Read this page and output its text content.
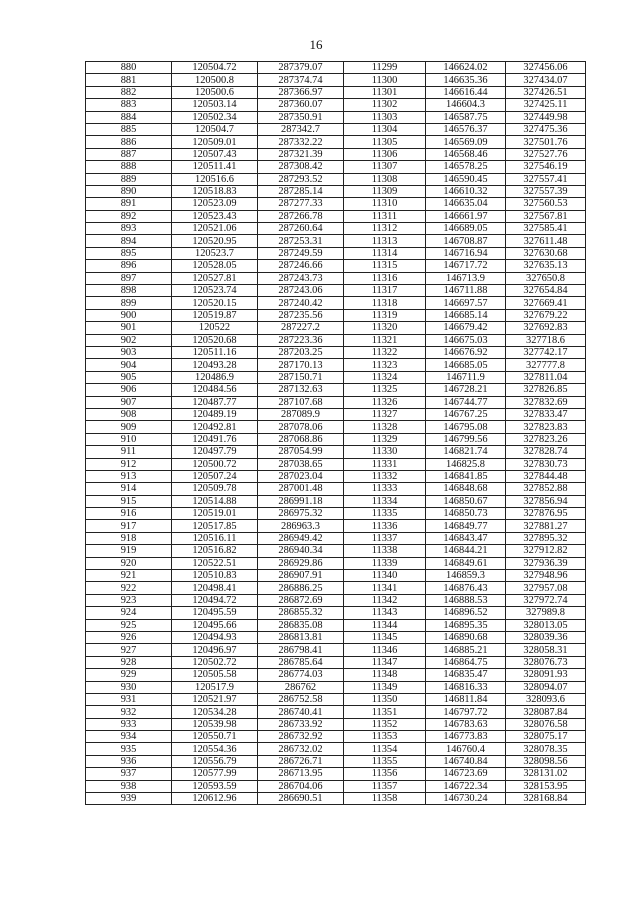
16
880	120504.72	287379.07	11299	146624.02	327456.06
881	120500.8	287374.74	11300	146635.36	327434.07
882	120500.6	287366.97	11301	146616.44	327426.51
883	120503.14	287360.07	11302	146604.3	327425.11
884	120502.34	287350.91	11303	146587.75	327449.98
885	120504.7	287342.7	11304	146576.37	327475.36
886	120509.01	287332.22	11305	146569.09	327501.76
887	120507.43	287321.39	11306	146568.46	327527.76
888	120511.41	287308.42	11307	146578.25	327546.19
889	120516.6	287293.52	11308	146590.45	327557.41
890	120518.83	287285.14	11309	146610.32	327557.39
891	120523.09	287277.33	11310	146635.04	327560.53
892	120523.43	287266.78	11311	146661.97	327567.81
893	120521.06	287260.64	11312	146689.05	327585.41
894	120520.95	287253.31	11313	146708.87	327611.48
895	120523.7	287249.59	11314	146716.94	327630.68
896	120528.05	287246.66	11315	146717.72	327635.13
897	120527.81	287243.73	11316	146713.9	327650.8
898	120523.74	287243.06	11317	146711.88	327654.84
899	120520.15	287240.42	11318	146697.57	327669.41
900	120519.87	287235.56	11319	146685.14	327679.22
901	120522	287227.2	11320	146679.42	327692.83
902	120520.68	287223.36	11321	146675.03	327718.6
903	120511.16	287203.25	11322	146676.92	327742.17
904	120493.28	287170.13	11323	146685.05	327777.8
905	120486.9	287150.71	11324	146711.9	327811.04
906	120484.56	287132.63	11325	146728.21	327826.85
907	120487.77	287107.68	11326	146744.77	327832.69
908	120489.19	287089.9	11327	146767.25	327833.47
909	120492.81	287078.06	11328	146795.08	327823.83
910	120491.76	287068.86	11329	146799.56	327823.26
911	120497.79	287054.99	11330	146821.74	327828.74
912	120500.72	287038.65	11331	146825.8	327830.73
913	120507.24	287023.04	11332	146841.85	327844.48
914	120509.78	287001.48	11333	146848.68	327852.88
915	120514.88	286991.18	11334	146850.67	327856.94
916	120519.01	286975.32	11335	146850.73	327876.95
917	120517.85	286963.3	11336	146849.77	327881.27
918	120516.11	286949.42	11337	146843.47	327895.32
919	120516.82	286940.34	11338	146844.21	327912.82
920	120522.51	286929.86	11339	146849.61	327936.39
921	120510.83	286907.91	11340	146859.3	327948.96
922	120498.41	286886.25	11341	146876.43	327957.08
923	120494.72	286872.69	11342	146888.53	327972.74
924	120495.59	286855.32	11343	146896.52	327989.8
925	120495.66	286835.08	11344	146895.35	328013.05
926	120494.93	286813.81	11345	146890.68	328039.36
927	120496.97	286798.41	11346	146885.21	328058.31
928	120502.72	286785.64	11347	146864.75	328076.73
929	120505.58	286774.03	11348	146835.47	328091.93
930	120517.9	286762	11349	146816.33	328094.07
931	120521.97	286752.58	11350	146811.84	328093.6
932	120534.28	286740.41	11351	146797.72	328087.84
933	120539.98	286733.92	11352	146783.63	328076.58
934	120550.71	286732.92	11353	146773.83	328075.17
935	120554.36	286732.02	11354	146760.4	328078.35
936	120556.79	286726.71	11355	146740.84	328098.56
937	120577.99	286713.95	11356	146723.69	328131.02
938	120593.59	286704.06	11357	146722.34	328153.95
939	120612.96	286690.51	11358	146730.24	328168.84
